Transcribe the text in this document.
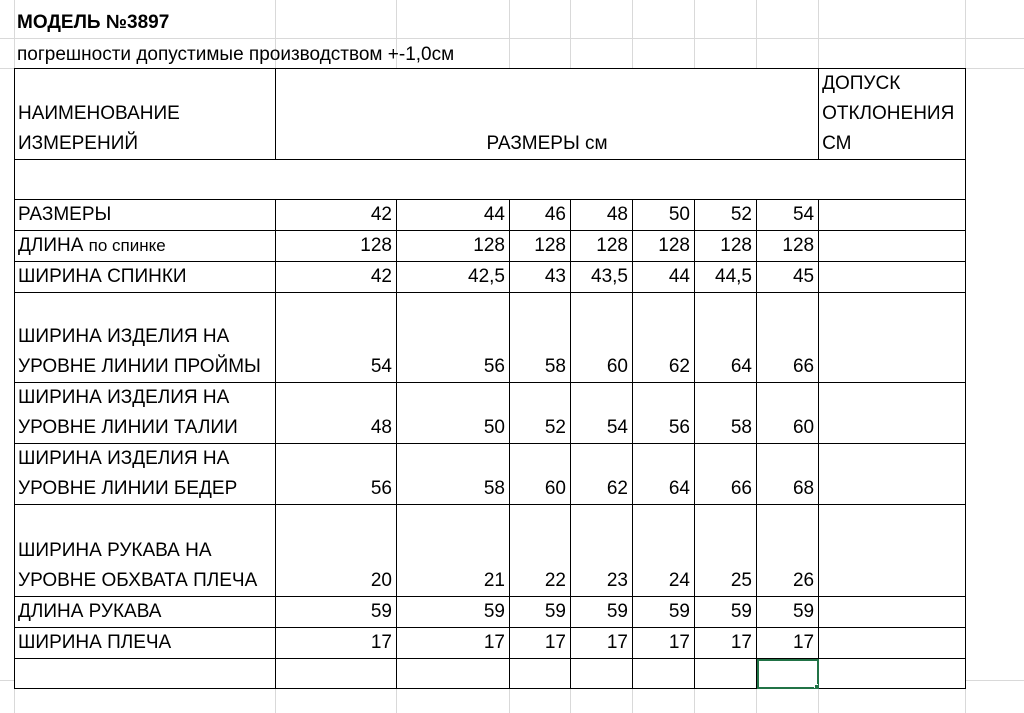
МОДЕЛЬ №3897
погрешности допустимые производством +-1,0см
НАИМЕНОВАНИЕ ИЗМЕРЕНИЙ	РАЗМЕРЫ см							ДОПУСК
ОТКЛОНЕНИЯ
СМ

РАЗМЕРЫ	42	44	46	48	50	52	54	
ДЛИНА по спинке	128	128	128	128	128	128	128	
ШИРИНА СПИНКИ	42	42,5	43	43,5	44	44,5	45	
ШИРИНА ИЗДЕЛИЯ НА УРОВНЕ ЛИНИИ ПРОЙМЫ	54	56	58	60	62	64	66	
ШИРИНА ИЗДЕЛИЯ НА УРОВНЕ ЛИНИИ ТАЛИИ	48	50	52	54	56	58	60	
ШИРИНА ИЗДЕЛИЯ НА УРОВНЕ ЛИНИИ БЕДЕР	56	58	60	62	64	66	68	
ШИРИНА РУКАВА НА УРОВНЕ ОБХВАТА ПЛЕЧА	20	21	22	23	24	25	26	
ДЛИНА РУКАВА	59	59	59	59	59	59	59	
ШИРИНА ПЛЕЧА	17	17	17	17	17	17	17	
